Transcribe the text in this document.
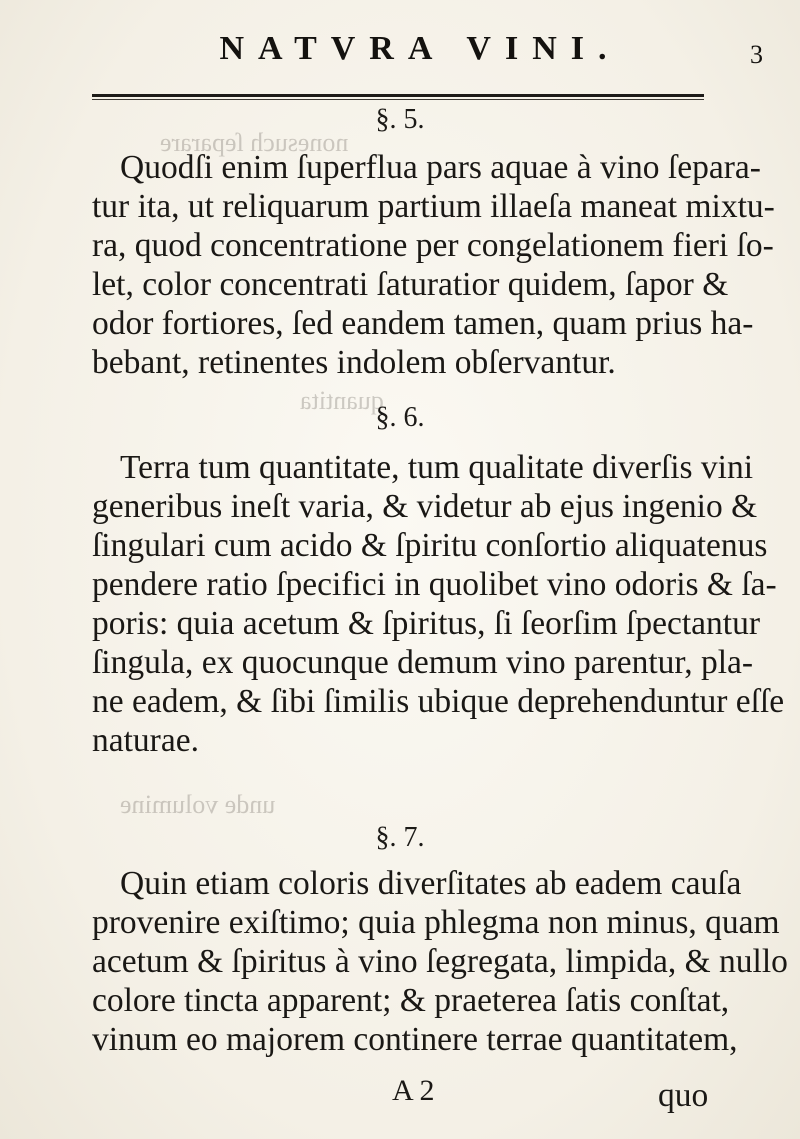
nonesuch ſeparare
quantita
unde volumine
NATVRA VINI.	3
§. 5.
Quodſi enim ſuperflua pars aquae à vino ſepara-
tur ita, ut reliquarum partium illaeſa maneat mixtu-
ra, quod concentratione per congelationem fieri ſo-
let, color concentrati ſaturatior quidem, ſapor &
odor fortiores, ſed eandem tamen, quam prius ha-
bebant, retinentes indolem obſervantur.
§. 6.
Terra tum quantitate, tum qualitate diverſis vini
generibus ineſt varia, & videtur ab ejus ingenio &
ſingulari cum acido & ſpiritu conſortio aliquatenus
pendere ratio ſpecifici in quolibet vino odoris & ſa-
poris: quia acetum & ſpiritus, ſi ſeorſim ſpectantur
ſingula, ex quocunque demum vino parentur, pla-
ne eadem, & ſibi ſimilis ubique deprehenduntur eſſe
naturae.
§. 7.
Quin etiam coloris diverſitates ab eadem cauſa
provenire exiſtimo; quia phlegma non minus, quam
acetum & ſpiritus à vino ſegregata, limpida, & nullo
colore tincta apparent; & praeterea ſatis conſtat,
vinum eo majorem continere terrae quantitatem,
A 2	quo
